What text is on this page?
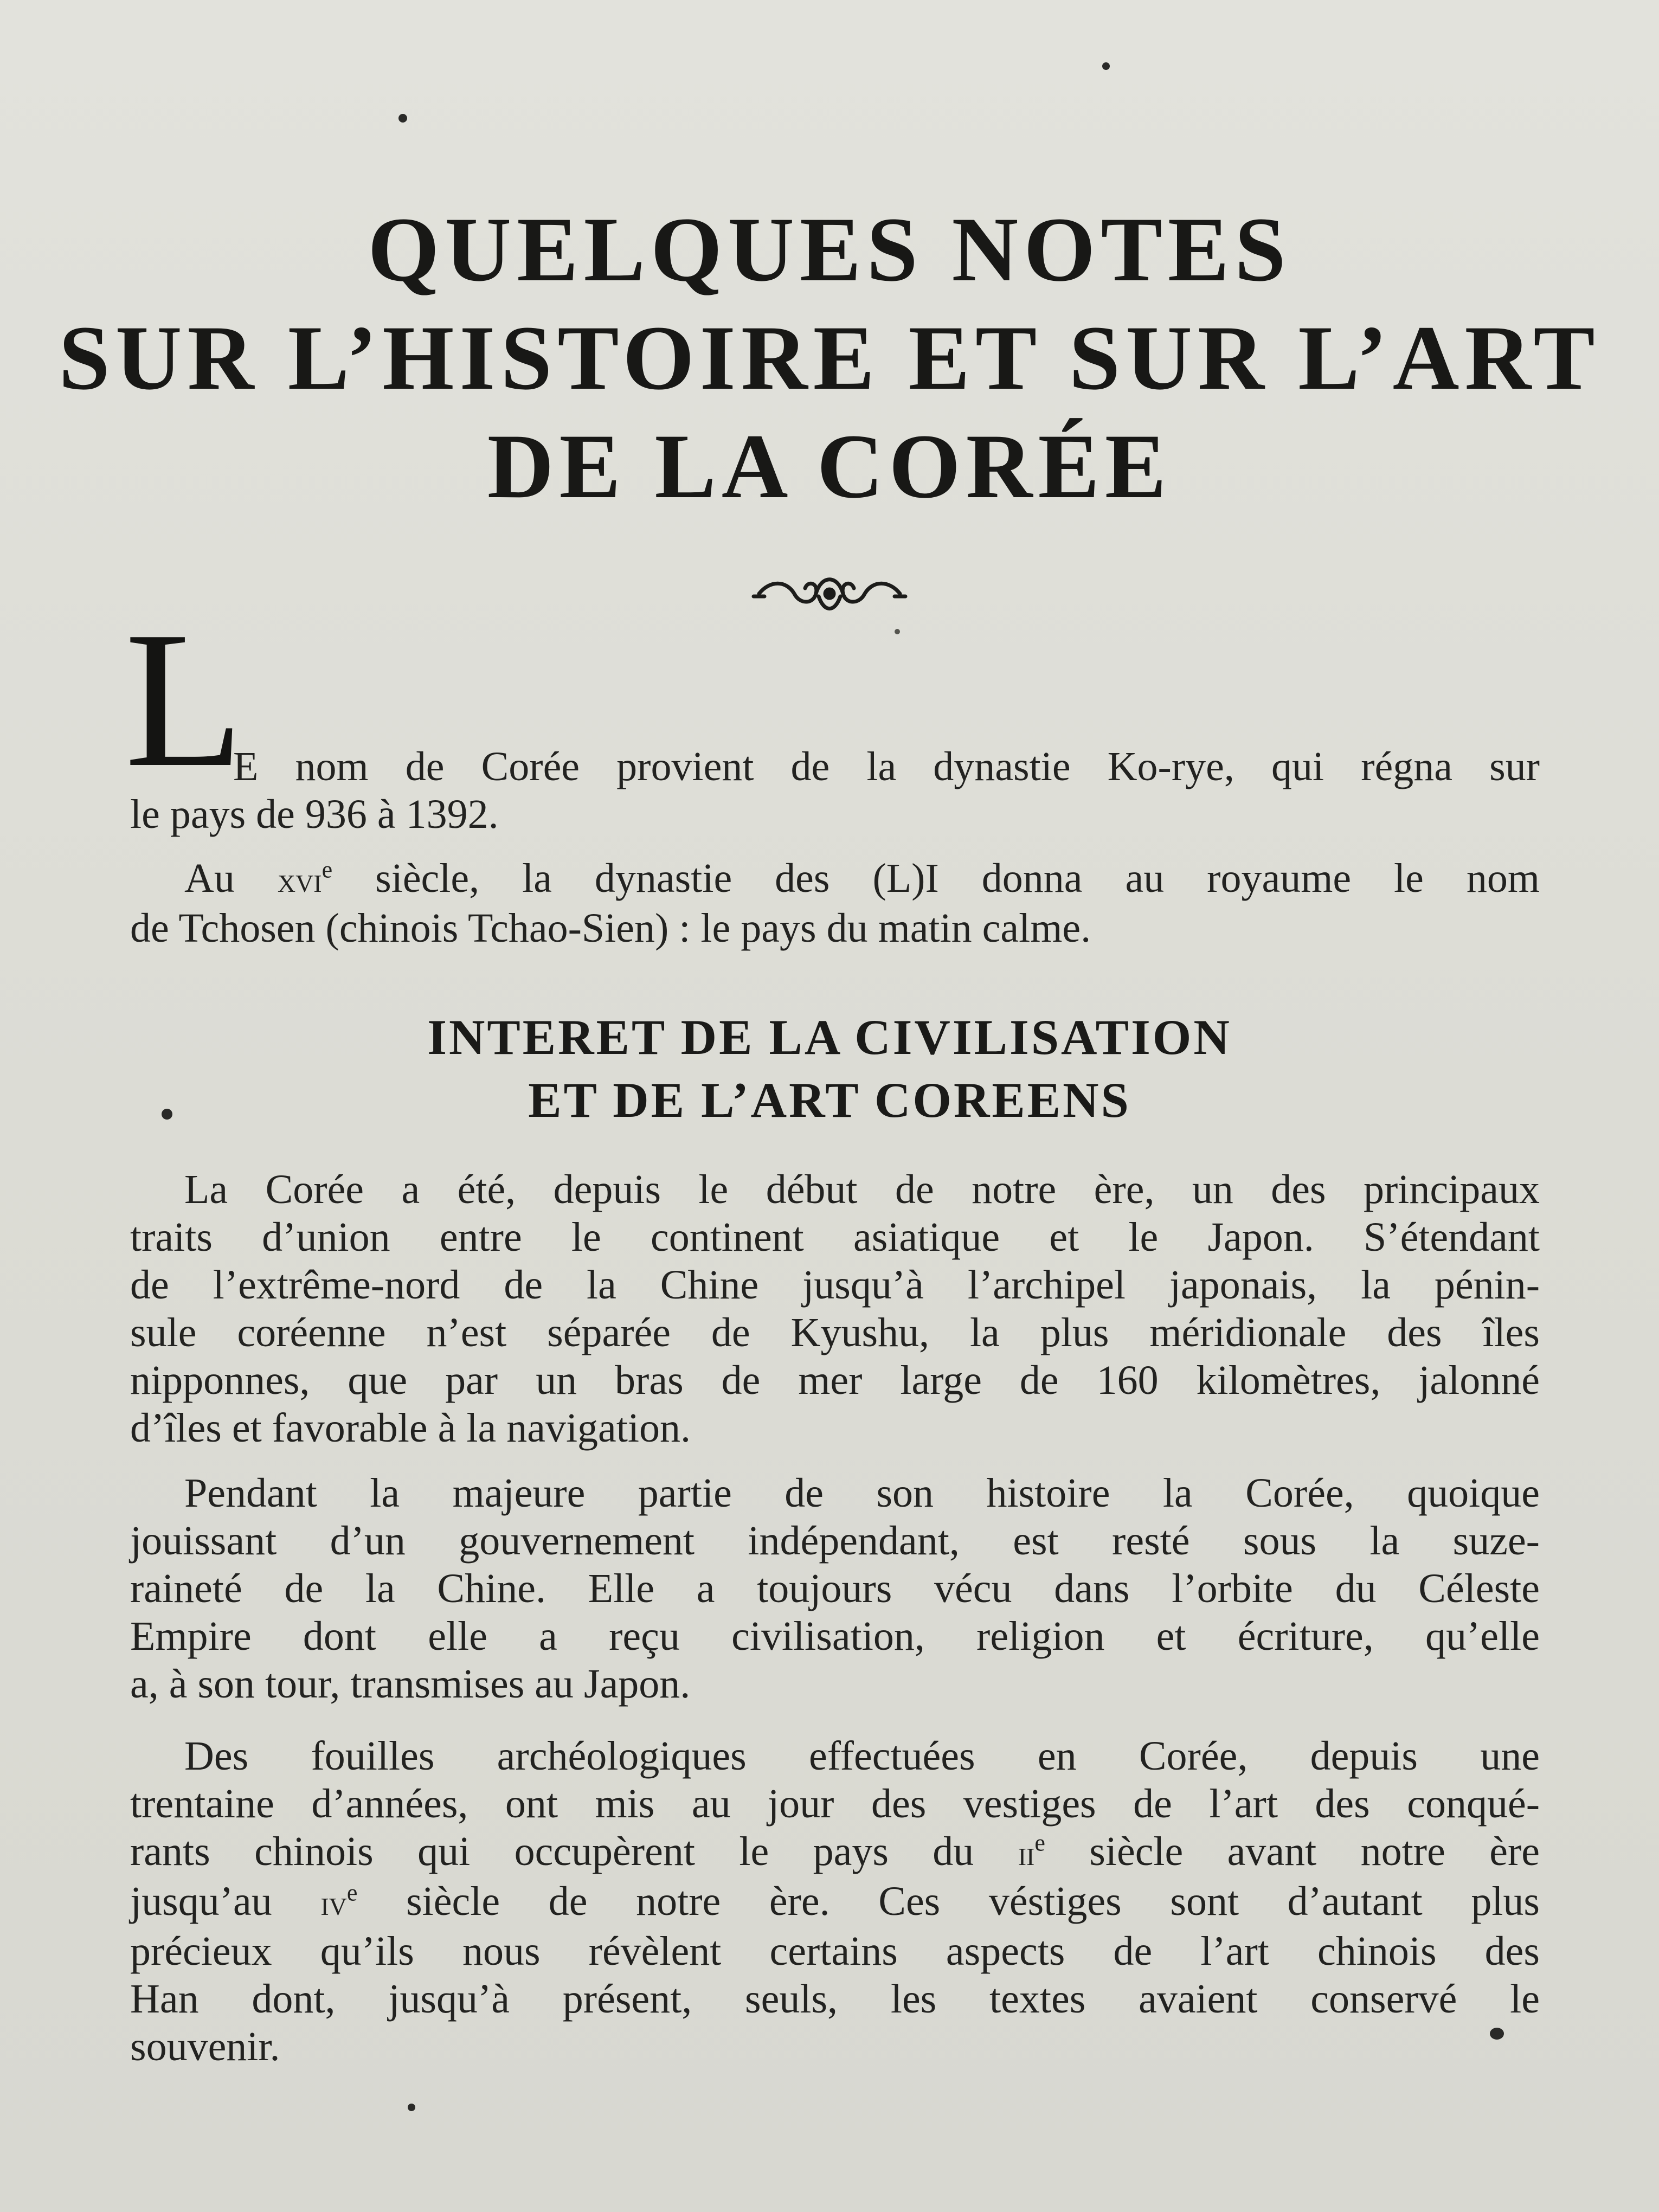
QUELQUES NOTES
SUR L’HISTOIRE ET SUR L’ART
DE LA CORÉE
L
E nom de Corée provient de la dynastie Ko-rye, qui régna sur
le pays de 936 à 1392.
Au xvi$^e$ siècle, la dynastie des (L)I donna au royaume le nom
de Tchosen (chinois Tchao-Sien) : le pays du matin calme.
INTERET DE LA CIVILISATION
ET DE L’ART COREENS
La Corée a été, depuis le début de notre ère, un des principaux
traits d’union entre le continent asiatique et le Japon. S’étendant
de l’extrême-nord de la Chine jusqu’à l’archipel japonais, la pénin-
sule coréenne n’est séparée de Kyushu, la plus méridionale des îles
nipponnes, que par un bras de mer large de 160 kilomètres, jalonné
d’îles et favorable à la navigation.
Pendant la majeure partie de son histoire la Corée, quoique
jouissant d’un gouvernement indépendant, est resté sous la suze-
raineté de la Chine. Elle a toujours vécu dans l’orbite du Céleste
Empire dont elle a reçu civilisation, religion et écriture, qu’elle
a, à son tour, transmises au Japon.
Des fouilles archéologiques effectuées en Corée, depuis une
trentaine d’années, ont mis au jour des vestiges de l’art des conqué-
rants chinois qui occupèrent le pays du $ii^e$ siècle avant notre ère
jusqu’au $iv^e$ siècle de notre ère. Ces véstiges sont d’autant plus
précieux qu’ils nous révèlent certains aspects de l’art chinois des
Han dont, jusqu’à présent, seuls, les textes avaient conservé le
souvenir.
